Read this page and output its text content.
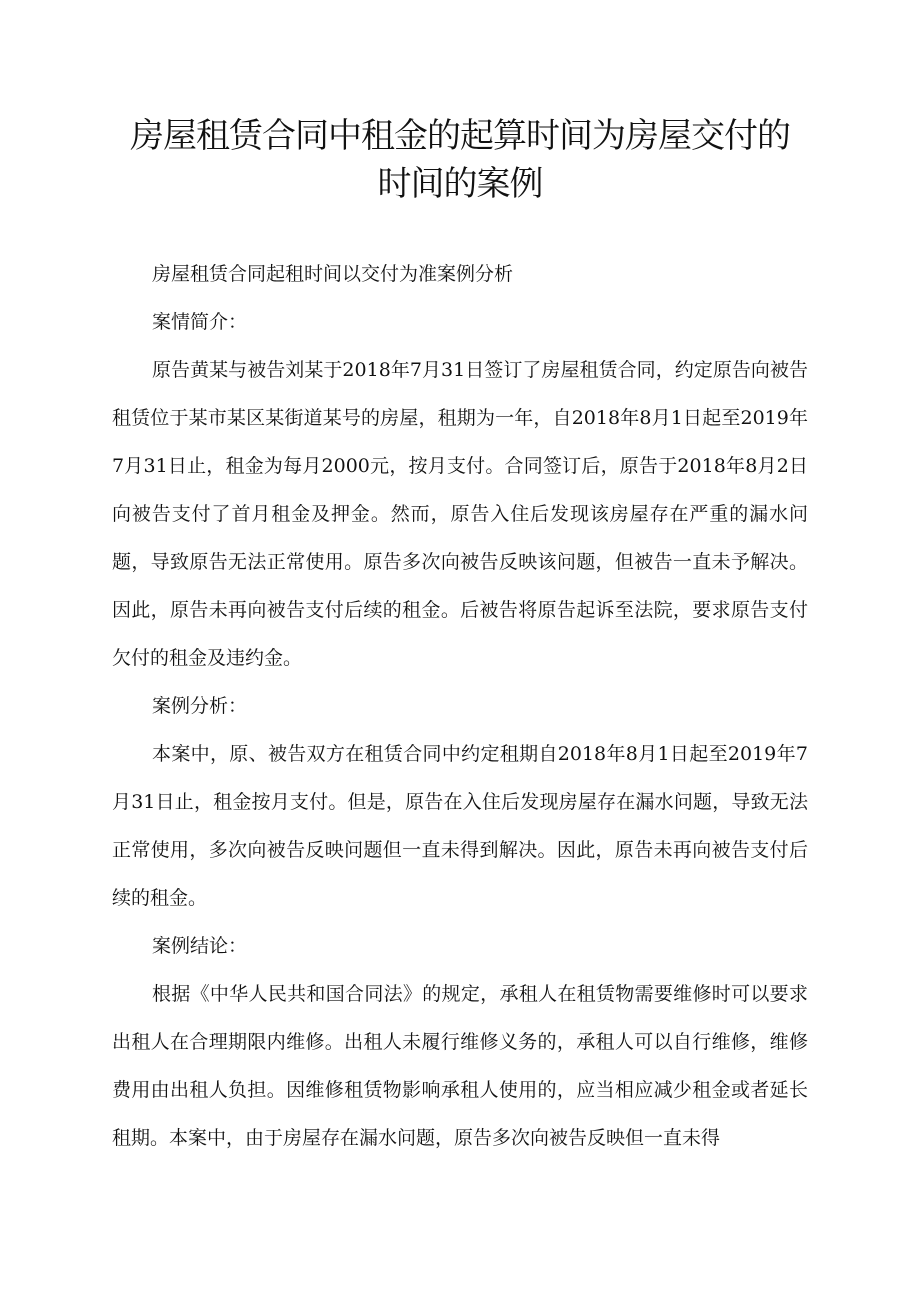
房屋租赁合同中租金的起算时间为房屋交付的
时间的案例

房屋租赁合同起租时间以交付为准案例分析

案情简介：

原告黄某与被告刘某于2018年7月31日签订了房屋租赁合同，约定原告向被告租赁位于某市某区某街道某号的房屋，租期为一年，自2018年8月1日起至2019年7月31日止，租金为每月2000元，按月支付。合同签订后，原告于2018年8月2日向被告支付了首月租金及押金。然而，原告入住后发现该房屋存在严重的漏水问题，导致原告无法正常使用。原告多次向被告反映该问题，但被告一直未予解决。因此，原告未再向被告支付后续的租金。后被告将原告起诉至法院，要求原告支付欠付的租金及违约金。

案例分析：

本案中，原、被告双方在租赁合同中约定租期自2018年8月1日起至2019年7月31日止，租金按月支付。但是，原告在入住后发现房屋存在漏水问题，导致无法正常使用，多次向被告反映问题但一直未得到解决。因此，原告未再向被告支付后续的租金。

案例结论：

根据《中华人民共和国合同法》的规定，承租人在租赁物需要维修时可以要求出租人在合理期限内维修。出租人未履行维修义务的，承租人可以自行维修，维修费用由出租人负担。因维修租赁物影响承租人使用的，应当相应减少租金或者延长租期。本案中，由于房屋存在漏水问题，原告多次向被告反映但一直未得
